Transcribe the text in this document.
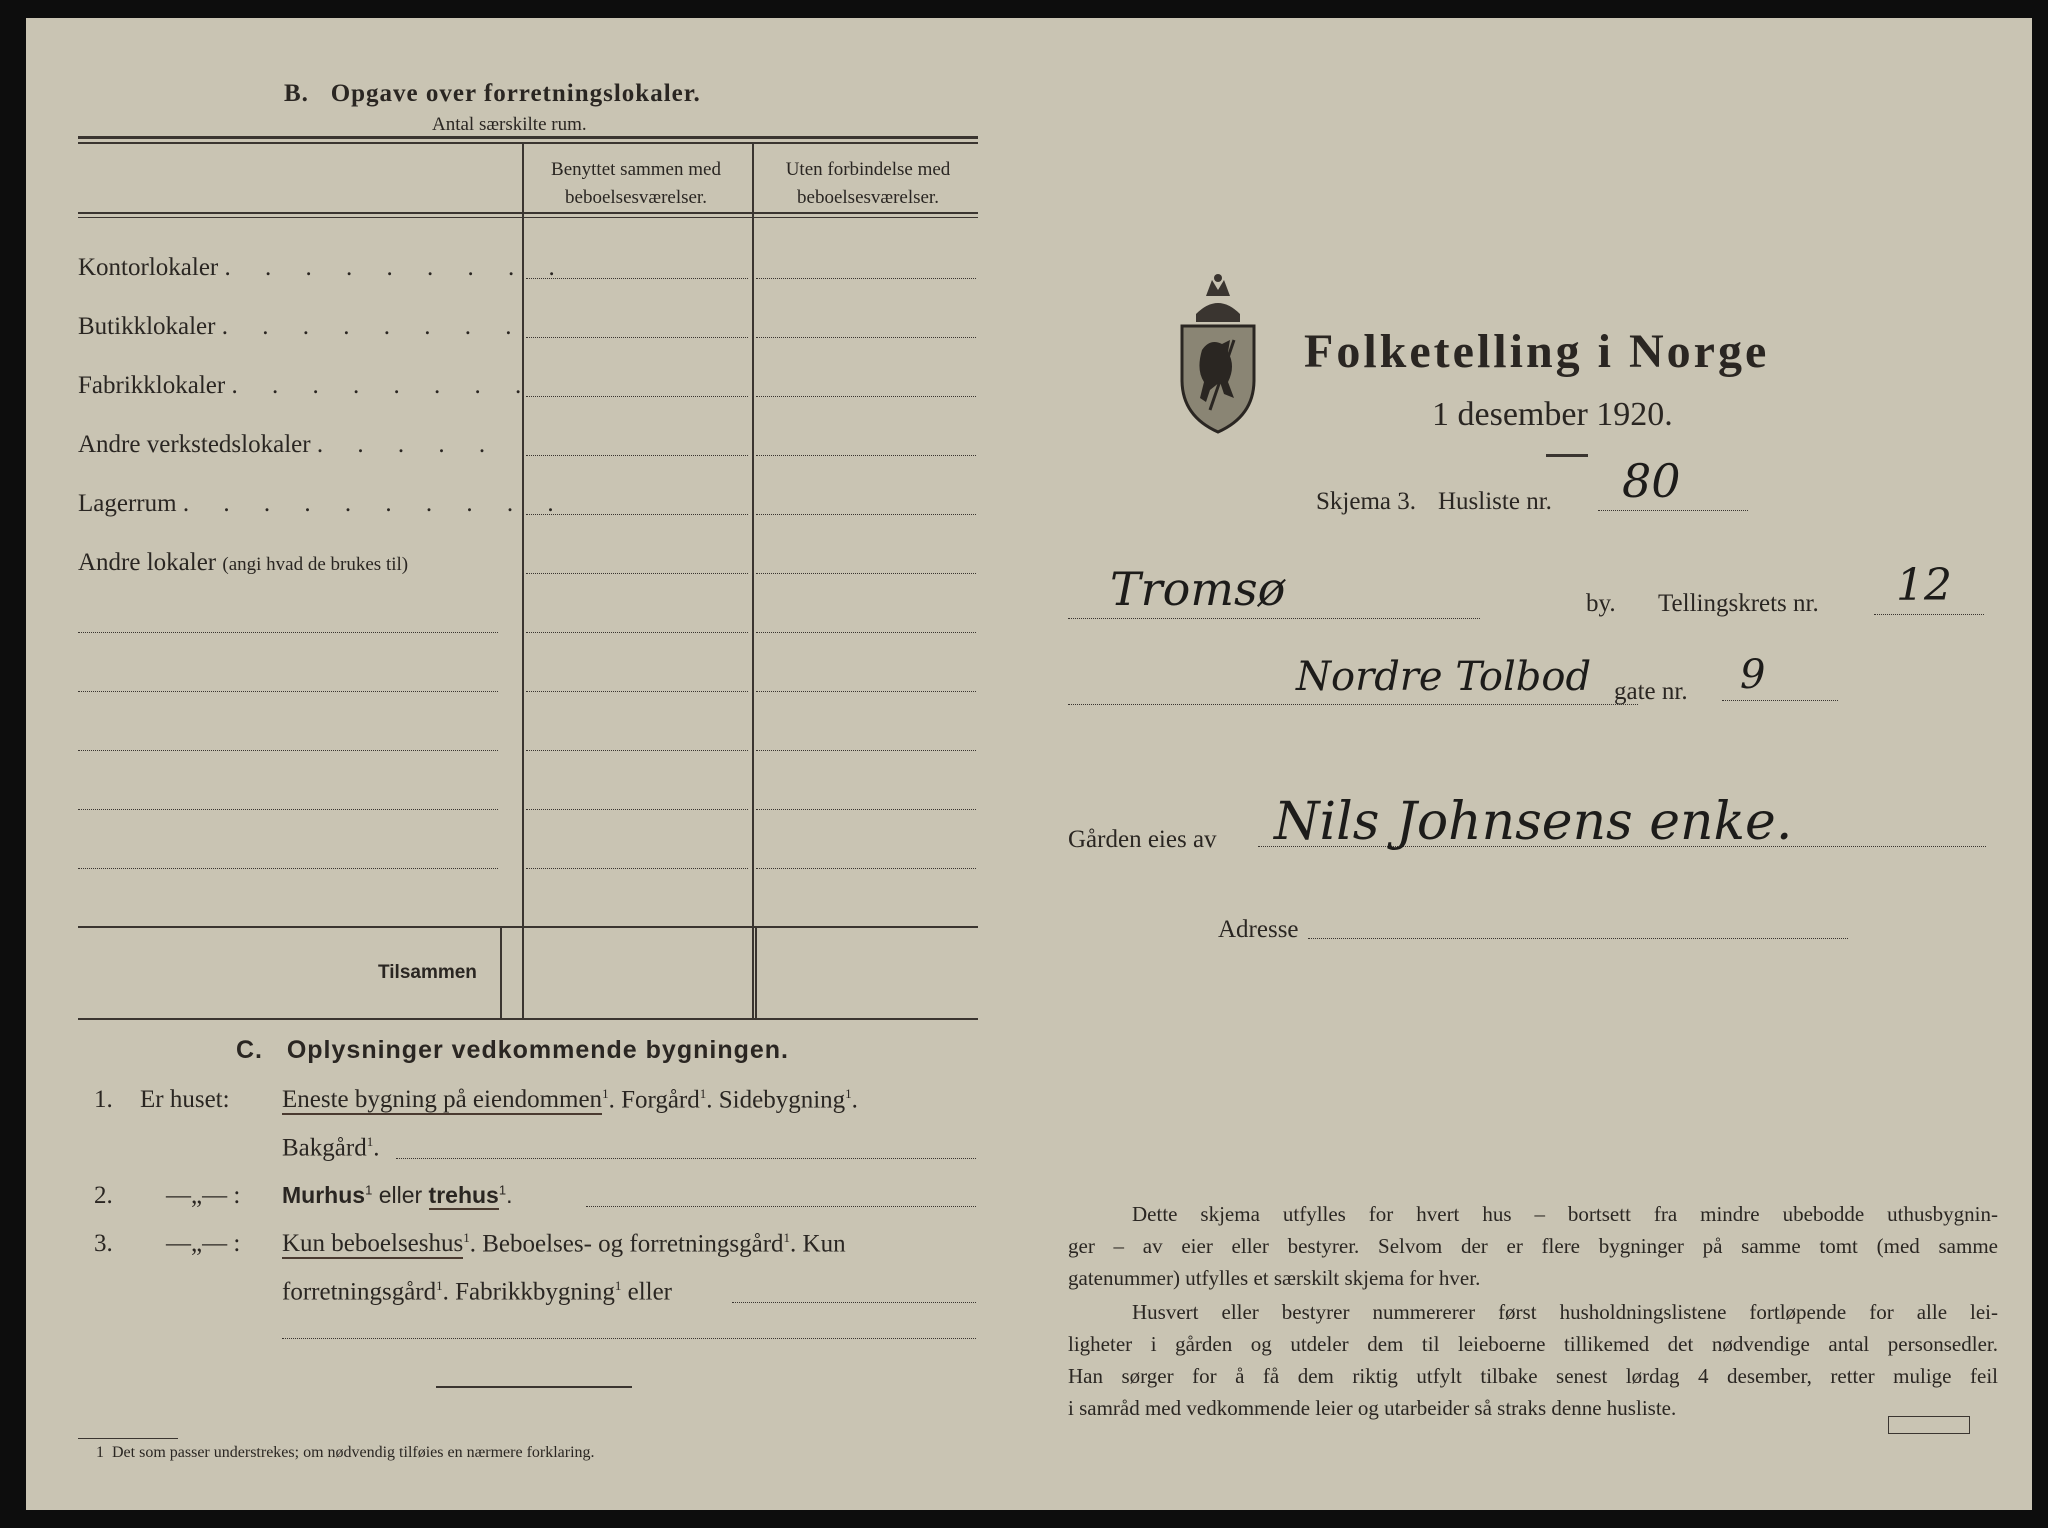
B. Opgave over forretningslokaler.
Antal særskilte rum.
Benyttet sammen med
beboelsesværelser.
Uten forbindelse med
beboelsesværelser.
Kontorlokaler . . . . . . . . .
Butikklokaler . . . . . . . .
Fabrikklokaler . . . . . . . .
Andre verkstedslokaler . . . . .
Lagerrum . . . . . . . . . .
Andre lokaler (angi hvad de brukes til)
Tilsammen
C. Oplysninger vedkommende bygningen.
1. Er huset: Eneste bygning på eiendommen$^1$. Forgård$^1$. Sidebygning$^1$.
Bakgård$^1$.
2. —„— : Murhus$^1$ eller trehus$^1$.
3. —„— : Kun beboelseshus$^1$. Beboelses- og forretningsgård$^1$. Kun
forretningsgård$^1$. Fabrikkbygning$^1$ eller
1 Det som passer understrekes; om nødvendig tilføies en nærmere forklaring.
Folketelling i Norge
1 desember 1920.
Skjema 3. Husliste nr. 80
Tromsø	by. Tellingskrets nr. 12
Nordre Tolbod gate nr. 9
Gården eies av Nils Johnsens enke.
Adresse
Dette skjema utfylles for hvert hus – bortsett fra mindre ubebodde uthusbygnin-
ger – av eier eller bestyrer. Selvom der er flere bygninger på samme tomt (med samme
gatenummer) utfylles et særskilt skjema for hver.
Husvert eller bestyrer nummererer først husholdningslistene fortløpende for alle lei-
ligheter i gården og utdeler dem til leieboerne tillikemed det nødvendige antal personsedler.
Han sørger for å få dem riktig utfylt tilbake senest lørdag 4 desember, retter mulige feil
i samråd med vedkommende leier og utarbeider så straks denne husliste.
